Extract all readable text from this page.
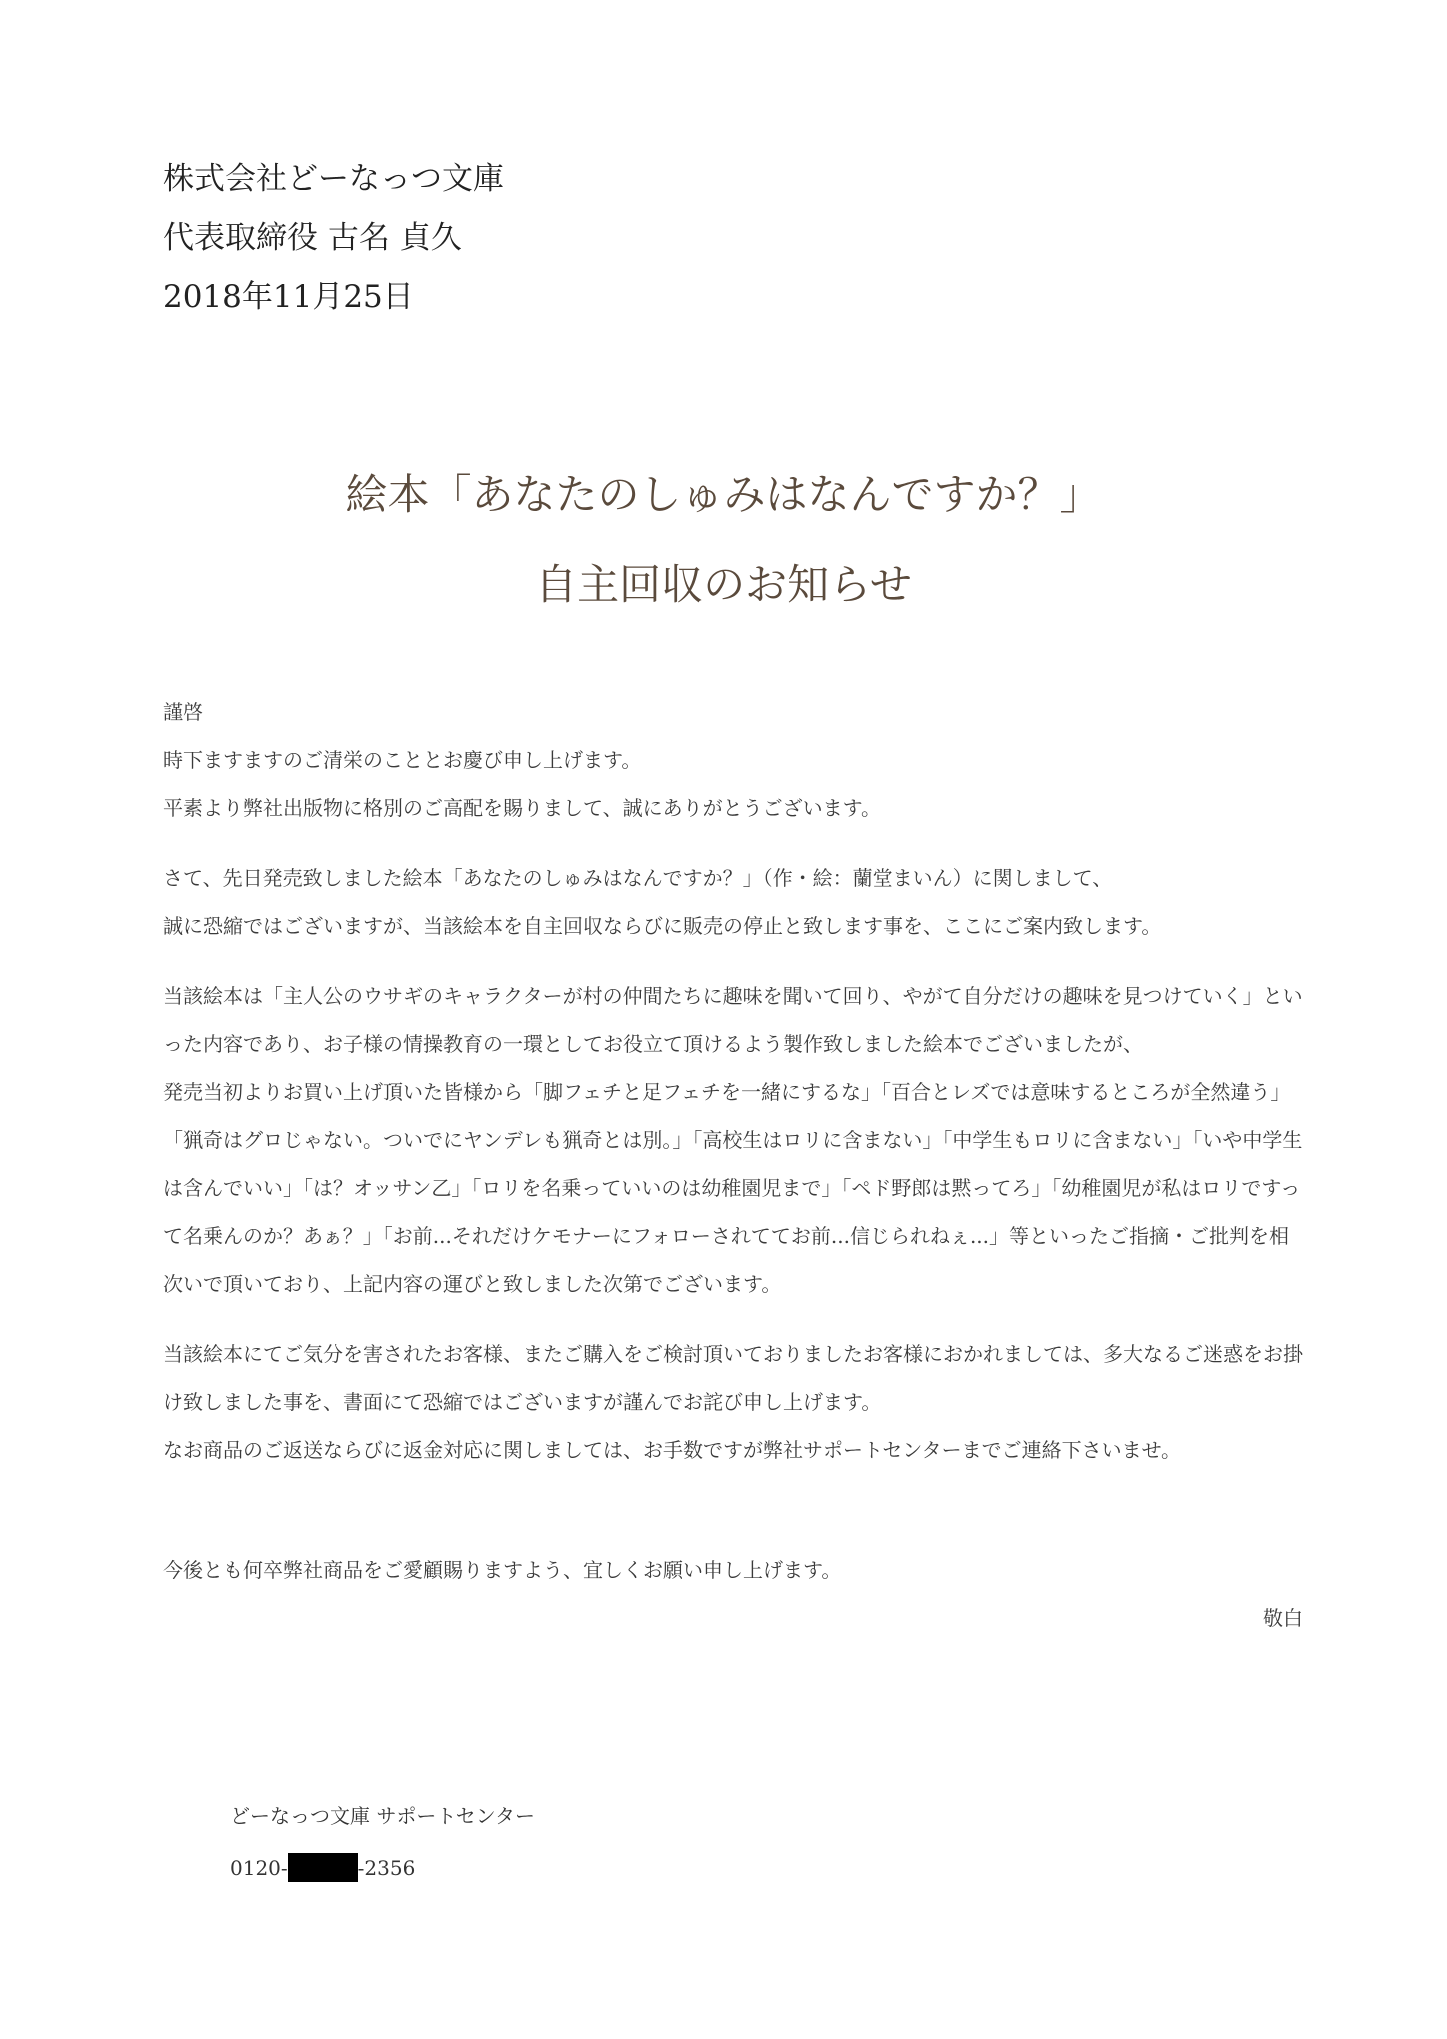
株式会社どーなっつ文庫
代表取締役 古名 貞久
2018年11月25日
絵本「あなたのしゅみはなんですか？」
自主回収のお知らせ
謹啓
時下ますますのご清栄のこととお慶び申し上げます。
平素より弊社出版物に格別のご高配を賜りまして、誠にありがとうございます。
さて、先日発売致しました絵本「あなたのしゅみはなんですか？」（作・絵：蘭堂まいん）に関しまして、
誠に恐縮ではございますが、当該絵本を自主回収ならびに販売の停止と致します事を、ここにご案内致します。
当該絵本は「主人公のウサギのキャラクターが村の仲間たちに趣味を聞いて回り、やがて自分だけの趣味を見つけていく」といった内容であり、お子様の情操教育の一環としてお役立て頂けるよう製作致しました絵本でございましたが、
発売当初よりお買い上げ頂いた皆様から「脚フェチと足フェチを一緒にするな」「百合とレズでは意味するところが全然違う」「猟奇はグロじゃない。ついでにヤンデレも猟奇とは別。」「高校生はロリに含まない」「中学生もロリに含まない」「いや中学生は含んでいい」「は？オッサン乙」「ロリを名乗っていいのは幼稚園児まで」「ペド野郎は黙ってろ」「幼稚園児が私はロリですって名乗んのか？あぁ？」「お前...それだけケモナーにフォローされててお前...信じられねぇ...」等といったご指摘・ご批判を相次いで頂いており、上記内容の運びと致しました次第でございます。
当該絵本にてご気分を害されたお客様、またご購入をご検討頂いておりましたお客様におかれましては、多大なるご迷惑をお掛け致しました事を、書面にて恐縮ではございますが謹んでお詫び申し上げます。
なお商品のご返送ならびに返金対応に関しましては、お手数ですが弊社サポートセンターまでご連絡下さいませ。
今後とも何卒弊社商品をご愛顧賜りますよう、宜しくお願い申し上げます。
敬白
どーなっつ文庫 サポートセンター
0120-	-2356
